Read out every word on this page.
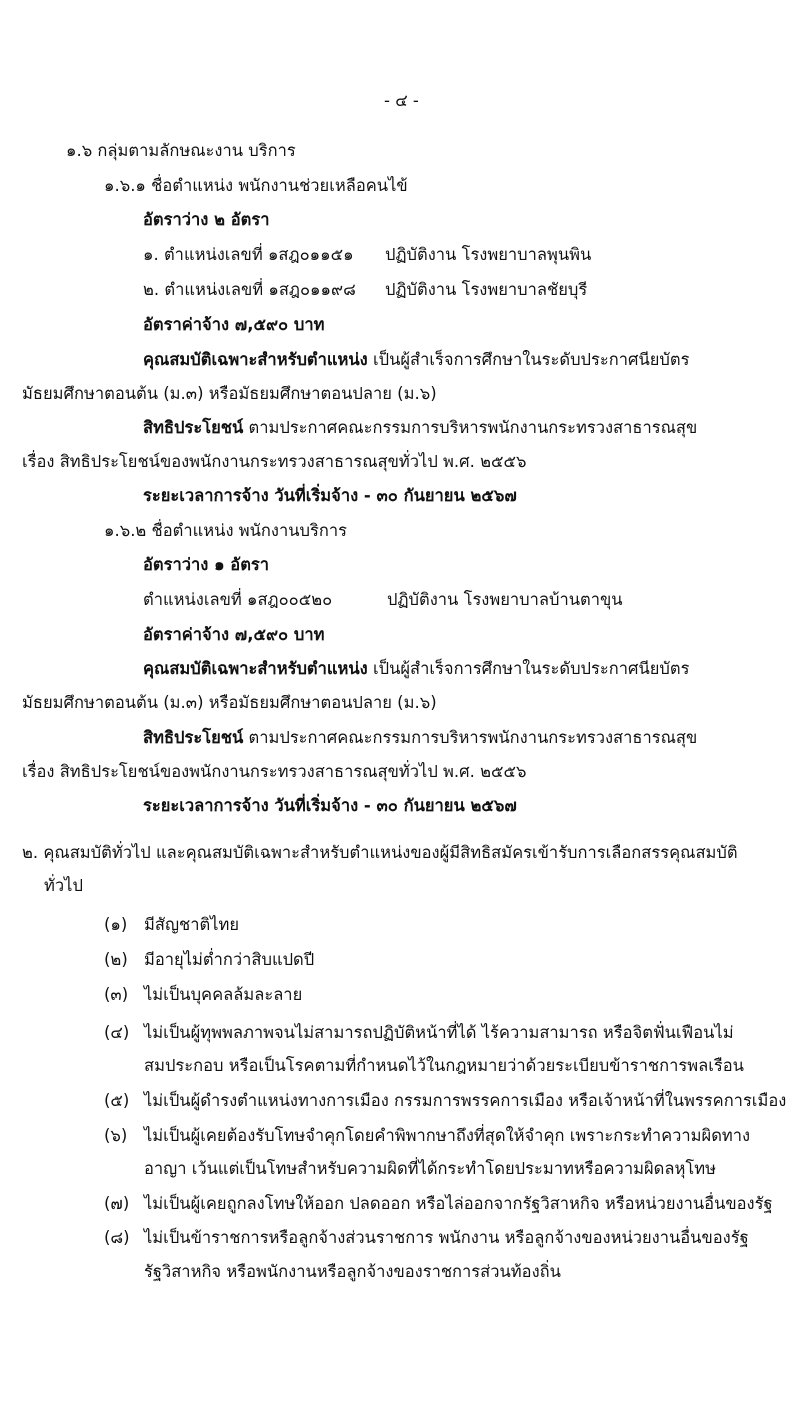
- ๔ -
๑.๖ กลุ่มตามลักษณะงาน บริการ
๑.๖.๑ ชื่อตำแหน่ง พนักงานช่วยเหลือคนไข้
อัตราว่าง ๒ อัตรา
๑. ตำแหน่งเลขที่ ๑สฎ๐๑๑๕๑ ปฏิบัติงาน โรงพยาบาลพุนพิน
๒. ตำแหน่งเลขที่ ๑สฎ๐๑๑๙๘ ปฏิบัติงาน โรงพยาบาลชัยบุรี
อัตราค่าจ้าง ๗,๕๙๐ บาท
คุณสมบัติเฉพาะสำหรับตำแหน่ง เป็นผู้สำเร็จการศึกษาในระดับประกาศนียบัตร
มัธยมศึกษาตอนต้น (ม.๓) หรือมัธยมศึกษาตอนปลาย (ม.๖)
สิทธิประโยชน์ ตามประกาศคณะกรรมการบริหารพนักงานกระทรวงสาธารณสุข
เรื่อง สิทธิประโยชน์ของพนักงานกระทรวงสาธารณสุขทั่วไป พ.ศ. ๒๕๕๖
ระยะเวลาการจ้าง วันที่เริ่มจ้าง - ๓๐ กันยายน ๒๕๖๗
๑.๖.๒ ชื่อตำแหน่ง พนักงานบริการ
อัตราว่าง ๑ อัตรา
ตำแหน่งเลขที่ ๑สฎ๐๐๕๒๐	ปฏิบัติงาน โรงพยาบาลบ้านตาขุน
อัตราค่าจ้าง ๗,๕๙๐ บาท
คุณสมบัติเฉพาะสำหรับตำแหน่ง เป็นผู้สำเร็จการศึกษาในระดับประกาศนียบัตร
มัธยมศึกษาตอนต้น (ม.๓) หรือมัธยมศึกษาตอนปลาย (ม.๖)
สิทธิประโยชน์ ตามประกาศคณะกรรมการบริหารพนักงานกระทรวงสาธารณสุข
เรื่อง สิทธิประโยชน์ของพนักงานกระทรวงสาธารณสุขทั่วไป พ.ศ. ๒๕๕๖
ระยะเวลาการจ้าง วันที่เริ่มจ้าง - ๓๐ กันยายน ๒๕๖๗
๒. คุณสมบัติทั่วไป และคุณสมบัติเฉพาะสำหรับตำแหน่งของผู้มีสิทธิสมัครเข้ารับการเลือกสรรคุณสมบัติ
ทั่วไป
(๑) มีสัญชาติไทย
(๒) มีอายุไม่ต่ำกว่าสิบแปดปี
(๓) ไม่เป็นบุคคลล้มละลาย
(๔) ไม่เป็นผู้ทุพพลภาพจนไม่สามารถปฏิบัติหน้าที่ได้ ไร้ความสามารถ หรือจิตฟั่นเฟือนไม่
สมประกอบ หรือเป็นโรคตามที่กำหนดไว้ในกฎหมายว่าด้วยระเบียบข้าราชการพลเรือน
(๕) ไม่เป็นผู้ดำรงตำแหน่งทางการเมือง กรรมการพรรคการเมือง หรือเจ้าหน้าที่ในพรรคการเมือง
(๖) ไม่เป็นผู้เคยต้องรับโทษจำคุกโดยคำพิพากษาถึงที่สุดให้จำคุก เพราะกระทำความผิดทาง
อาญา เว้นแต่เป็นโทษสำหรับความผิดที่ได้กระทำโดยประมาทหรือความผิดลหุโทษ
(๗) ไม่เป็นผู้เคยถูกลงโทษให้ออก ปลดออก หรือไล่ออกจากรัฐวิสาหกิจ หรือหน่วยงานอื่นของรัฐ
(๘) ไม่เป็นข้าราชการหรือลูกจ้างส่วนราชการ พนักงาน หรือลูกจ้างของหน่วยงานอื่นของรัฐ
รัฐวิสาหกิจ หรือพนักงานหรือลูกจ้างของราชการส่วนท้องถิ่น
